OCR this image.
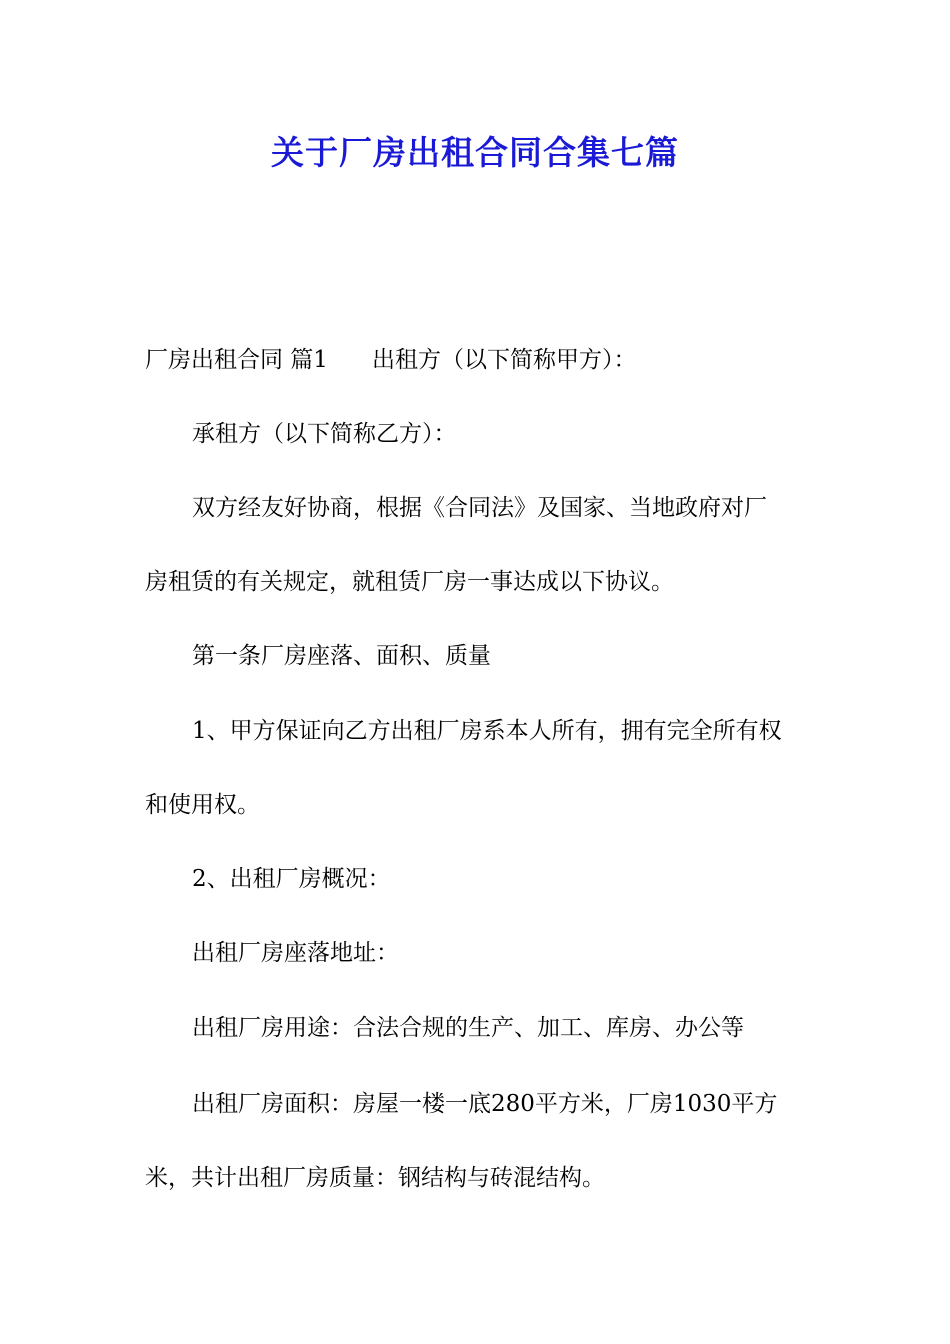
关于厂房出租合同合集七篇
厂房出租合同 篇1 出租方（以下简称甲方）：
承租方（以下简称乙方）：
双方经友好协商，根据《合同法》及国家、当地政府对厂
房租赁的有关规定，就租赁厂房一事达成以下协议。
第一条厂房座落、面积、质量
1、甲方保证向乙方出租厂房系本人所有，拥有完全所有权
和使用权。
2、出租厂房概况：
出租厂房座落地址：
出租厂房用途：合法合规的生产、加工、库房、办公等
出租厂房面积：房屋一楼一底280平方米，厂房1030平方
米，共计出租厂房质量：钢结构与砖混结构。
